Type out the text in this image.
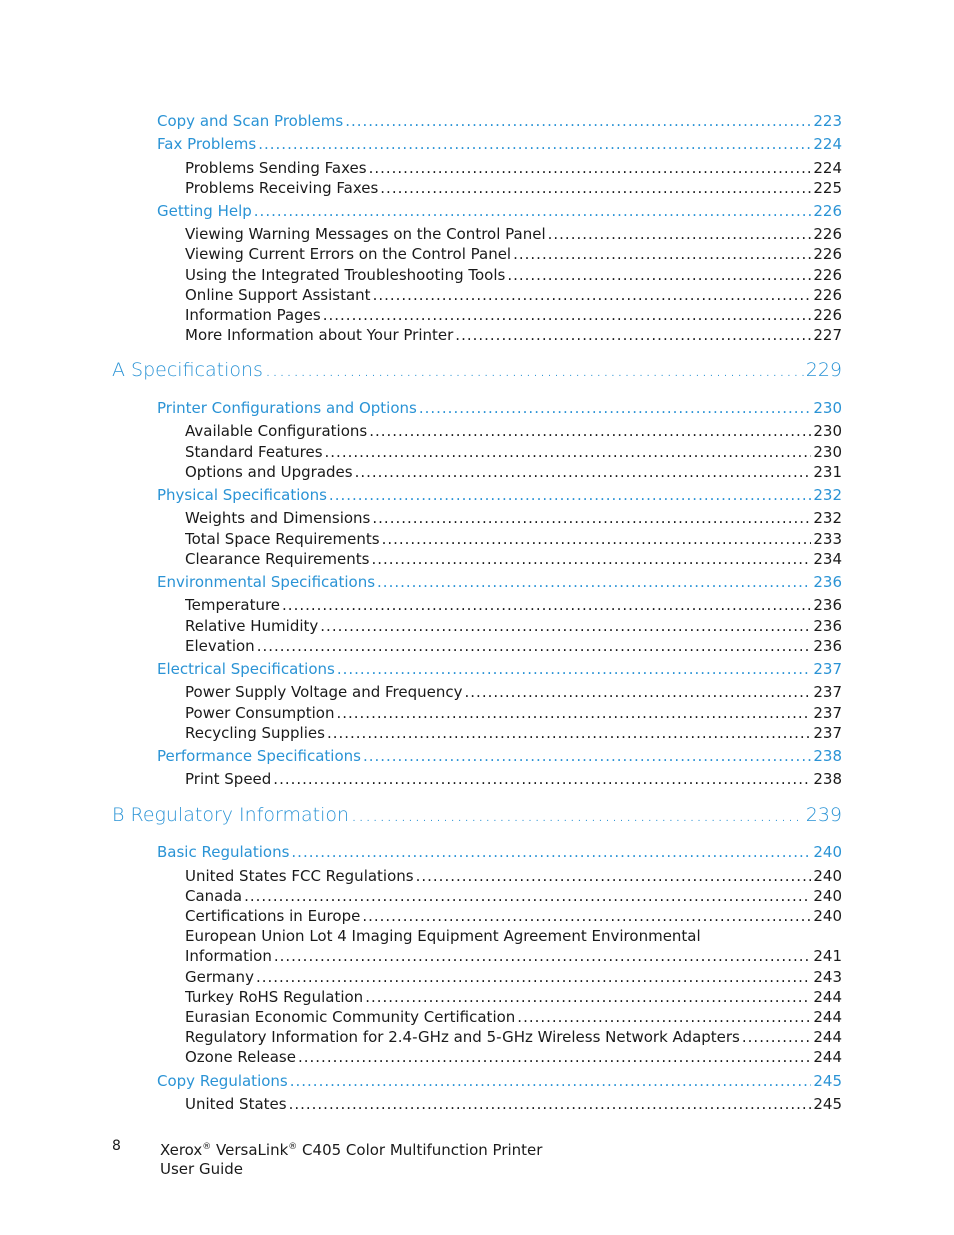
Copy and Scan Problems .....	223
Fax Problems .....	224
Problems Sending Faxes .....	224
Problems Receiving Faxes .....	225
Getting Help .....	226
Viewing Warning Messages on the Control Panel .....	226
Viewing Current Errors on the Control Panel .....	226
Using the Integrated Troubleshooting Tools .....	226
Online Support Assistant .....	226
Information Pages .....	226
More Information about Your Printer .....	227
A Specifications .....	229
Printer Configurations and Options .....	230
Available Configurations .....	230
Standard Features .....	230
Options and Upgrades .....	231
Physical Specifications .....	232
Weights and Dimensions .....	232
Total Space Requirements .....	233
Clearance Requirements .....	234
Environmental Specifications .....	236
Temperature .....	236
Relative Humidity .....	236
Elevation .....	236
Electrical Specifications .....	237
Power Supply Voltage and Frequency .....	237
Power Consumption .....	237
Recycling Supplies .....	237
Performance Specifications .....	238
Print Speed .....	238
B Regulatory Information .....	239
Basic Regulations .....	240
United States FCC Regulations .....	240
Canada .....	240
Certifications in Europe .....	240
European Union Lot 4 Imaging Equipment Agreement Environmental
Information .....	241
Germany .....	243
Turkey RoHS Regulation .....	244
Eurasian Economic Community Certification .....	244
Regulatory Information for 2.4-GHz and 5-GHz Wireless Network Adapters .....	244
Ozone Release .....	244
Copy Regulations .....	245
United States .....	245
8	Xerox® VersaLink® C405 Color Multifunction Printer
User Guide
